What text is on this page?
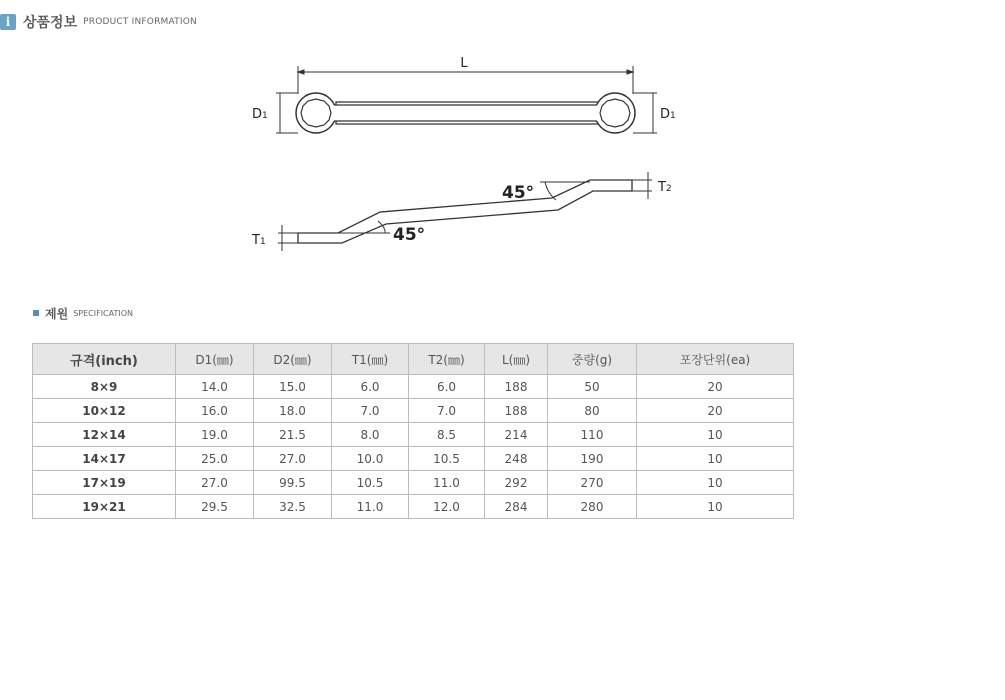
i 상품정보 PRODUCT INFORMATION
L
D1	D1
T2
T1
45°
45°
제원 SPECIFICATION
규격(inch)	D1(㎜)	D2(㎜)	T1(㎜)	T2(㎜)	L(㎜)	중량(g)	포장단위(ea)
8×9	14.0	15.0	6.0	6.0	188	50	20
10×12	16.0	18.0	7.0	7.0	188	80	20
12×14	19.0	21.5	8.0	8.5	214	110	10
14×17	25.0	27.0	10.0	10.5	248	190	10
17×19	27.0	99.5	10.5	11.0	292	270	10
19×21	29.5	32.5	11.0	12.0	284	280	10
